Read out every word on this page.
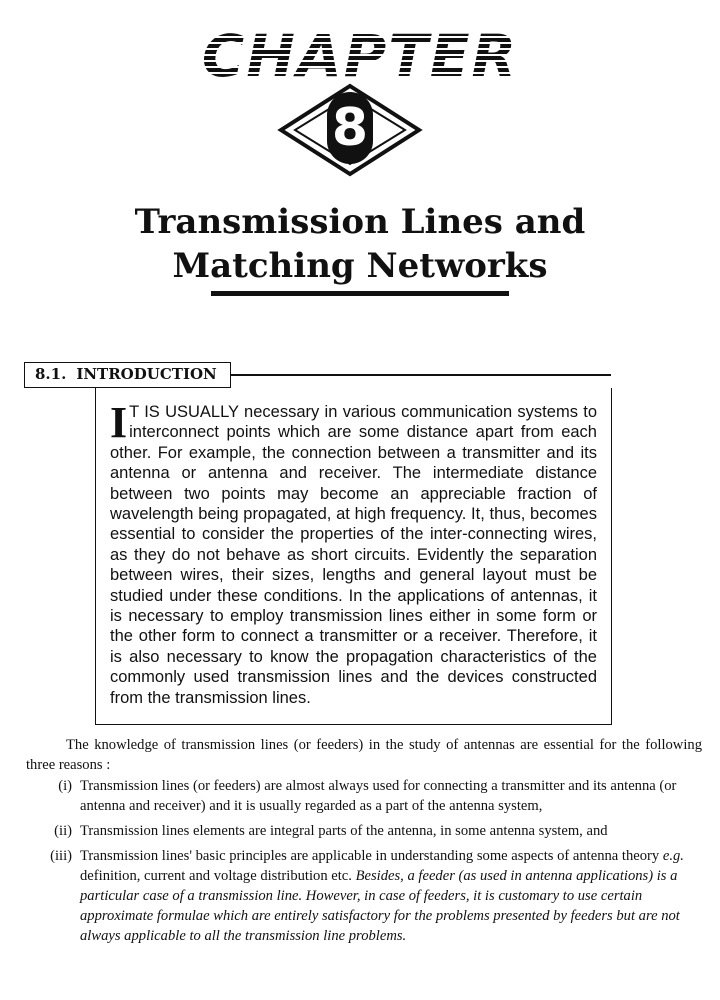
CHAPTER
8
Transmission Lines and
Matching Networks
8.1. INTRODUCTION

I T IS USUALLY necessary in various communication systems to interconnect points which are some distance apart from each other. For example, the connection between a transmitter and its antenna or antenna and receiver. The intermediate distance between two points may become an appreciable fraction of wavelength being propagated, at high frequency. It, thus, becomes essential to consider the properties of the inter-connecting wires, as they do not behave as short circuits. Evidently the separation between wires, their sizes, lengths and general layout must be studied under these conditions. In the applications of antennas, it is necessary to employ transmission lines either in some form or the other form to connect a transmitter or a receiver. Therefore, it is also necessary to know the propagation characteristics of the commonly used transmission lines and the devices constructed from the transmission lines.

The knowledge of transmission lines (or feeders) in the study of antennas are essential for the following three reasons :

(i) Transmission lines (or feeders) are almost always used for connecting a transmitter and its antenna (or antenna and receiver) and it is usually regarded as a part of the antenna system,
(ii) Transmission lines elements are integral parts of the antenna, in some antenna system, and
(iii) Transmission lines' basic principles are applicable in understanding some aspects of antenna theory e.g. definition, current and voltage distribution etc. Besides, a feeder (as used in antenna applications) is a particular case of a transmission line. However, in case of feeders, it is customary to use certain approximate formulae which are entirely satisfactory for the problems presented by feeders but are not always applicable to all the transmission line problems.
